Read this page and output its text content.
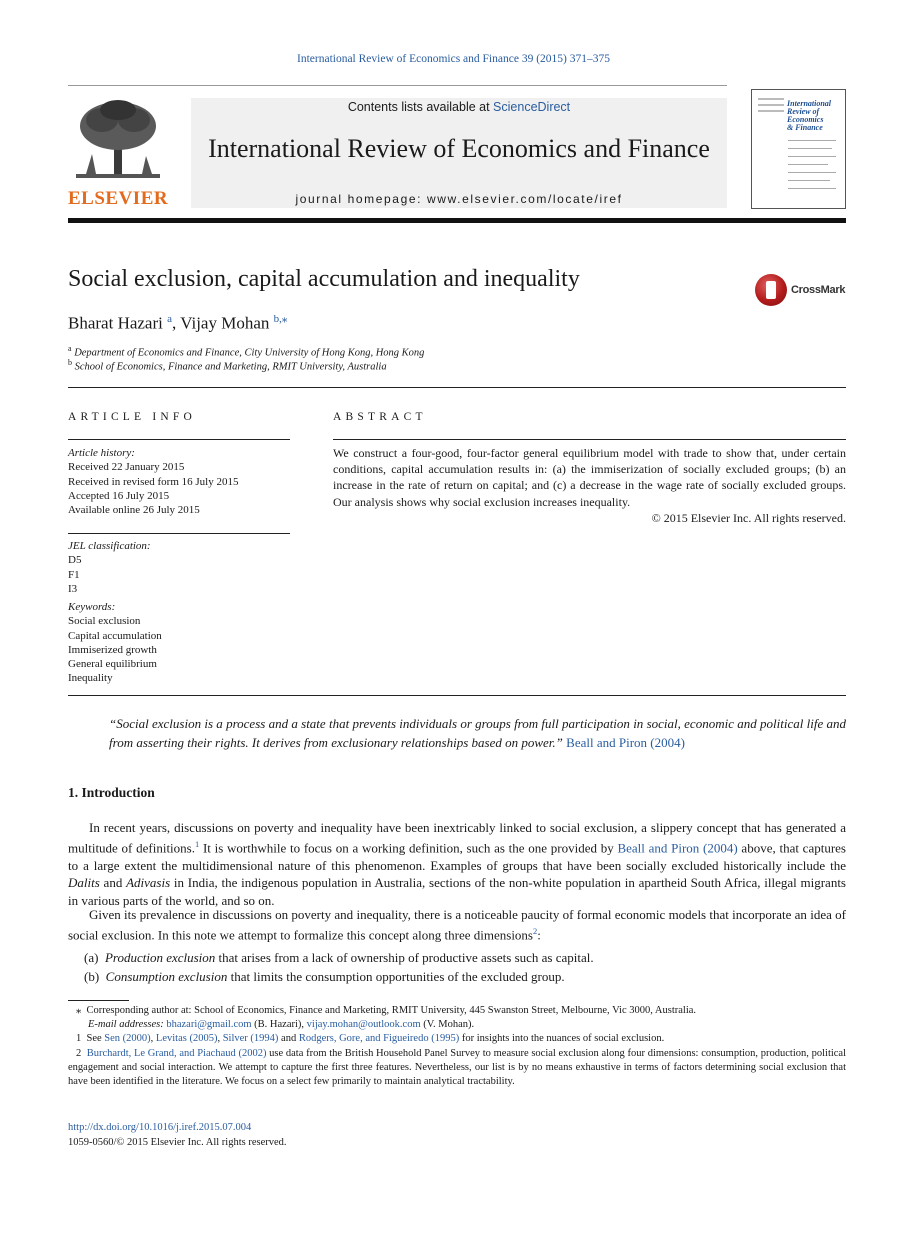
International Review of Economics and Finance 39 (2015) 371–375
ELSEVIER
Contents lists available at ScienceDirect
International Review of Economics and Finance
journal homepage: www.elsevier.com/locate/iref
International
Review of
Economics
& Finance
Social exclusion, capital accumulation and inequality	CrossMark
Bharat Hazari $^a$, Vijay Mohan $^{b,⁎}$
$^a$ Department of Economics and Finance, City University of Hong Kong, Hong Kong
$^b$ School of Economics, Finance and Marketing, RMIT University, Australia
ARTICLE INFO
Article history:
Received 22 January 2015
Received in revised form 16 July 2015
Accepted 16 July 2015
Available online 26 July 2015
JEL classification:
D5
F1
I3
Keywords:
Social exclusion
Capital accumulation
Immiserized growth
General equilibrium
Inequality
ABSTRACT
We construct a four-good, four-factor general equilibrium model with trade to show that, under certain conditions, capital accumulation results in: (a) the immiserization of socially excluded groups; (b) an increase in the rate of return on capital; and (c) a decrease in the wage rate of socially excluded groups. Our analysis shows why social exclusion increases inequality.
© 2015 Elsevier Inc. All rights reserved.
“Social exclusion is a process and a state that prevents individuals or groups from full participation in social, economic and political life and from asserting their rights. It derives from exclusionary relationships based on power.” Beall and Piron (2004)
1. Introduction
In recent years, discussions on poverty and inequality have been inextricably linked to social exclusion, a slippery concept that has generated a multitude of definitions.$^1$ It is worthwhile to focus on a working definition, such as the one provided by Beall and Piron (2004) above, that captures to a large extent the multidimensional nature of this phenomenon. Examples of groups that have been socially excluded historically include the Dalits and Adivasis in India, the indigenous population in Australia, sections of the non-white population in apartheid South Africa, illegal migrants in various parts of the world, and so on.
Given its prevalence in discussions on poverty and inequality, there is a noticeable paucity of formal economic models that incorporate an idea of social exclusion. In this note we attempt to formalize this concept along three dimensions$^2$:
(a) Production exclusion that arises from a lack of ownership of productive assets such as capital.
(b) Consumption exclusion that limits the consumption opportunities of the excluded group.
⁎ Corresponding author at: School of Economics, Finance and Marketing, RMIT University, 445 Swanston Street, Melbourne, Vic 3000, Australia.
E-mail addresses: bhazari@gmail.com (B. Hazari), vijay.mohan@outlook.com (V. Mohan).
1 See Sen (2000), Levitas (2005), Silver (1994) and Rodgers, Gore, and Figueiredo (1995) for insights into the nuances of social exclusion.
2 Burchardt, Le Grand, and Piachaud (2002) use data from the British Household Panel Survey to measure social exclusion along four dimensions: consumption, production, political engagement and social interaction. We attempt to capture the first three features. Nevertheless, our list is by no means exhaustive in terms of factors determining social exclusion that have been identified in the literature. We focus on a select few primarily to maintain analytical tractability.
http://dx.doi.org/10.1016/j.iref.2015.07.004
1059-0560/© 2015 Elsevier Inc. All rights reserved.
